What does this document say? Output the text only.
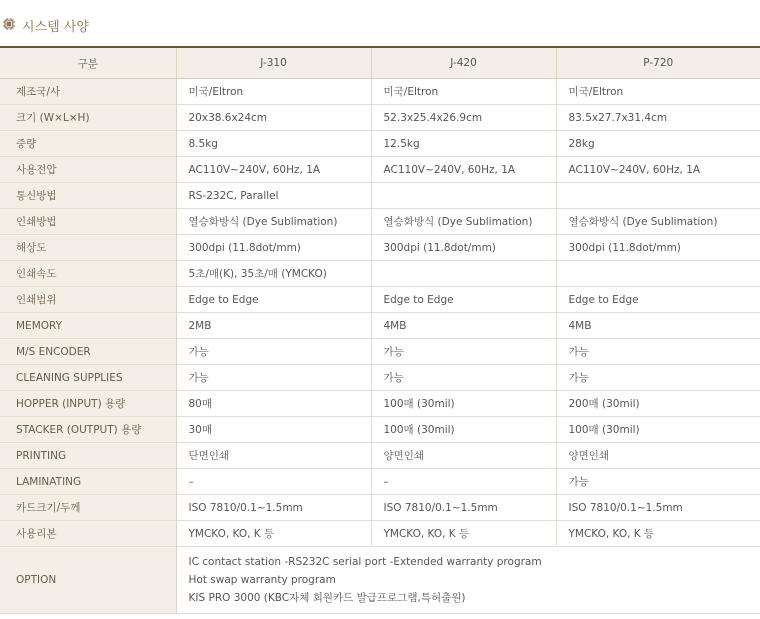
시스템 사양
구분	J-310	J-420	P-720
제조국/사	미국/Eltron	미국/Eltron	미국/Eltron
크기 (W×L×H)	20x38.6x24cm	52.3x25.4x26.9cm	83.5x27.7x31.4cm
중량	8.5kg	12.5kg	28kg
사용전압	AC110V~240V, 60Hz, 1A	AC110V~240V, 60Hz, 1A	AC110V~240V, 60Hz, 1A
통신방법	RS-232C, Parallel		
인쇄방법	열승화방식 (Dye Sublimation)	열승화방식 (Dye Sublimation)	열승화방식 (Dye Sublimation)
해상도	300dpi (11.8dot/mm)	300dpi (11.8dot/mm)	300dpi (11.8dot/mm)
인쇄속도	5초/매(K), 35초/매 (YMCKO)		
인쇄범위	Edge to Edge	Edge to Edge	Edge to Edge
MEMORY	2MB	4MB	4MB
M/S ENCODER	가능	가능	가능
CLEANING SUPPLIES	가능	가능	가능
HOPPER (INPUT) 용량	80매	100매 (30mil)	200매 (30mil)
STACKER (OUTPUT) 용량	30매	100매 (30mil)	100매 (30mil)
PRINTING	단면인쇄	양면인쇄	양면인쇄
LAMINATING	–	–	가능
카드크기/두께	ISO 7810/0.1~1.5mm	ISO 7810/0.1~1.5mm	ISO 7810/0.1~1.5mm
사용리본	YMCKO, KO, K 등	YMCKO, KO, K 등	YMCKO, KO, K 등
OPTION	IC contact station -RS232C serial port -Extended warranty program
Hot swap warranty program
KIS PRO 3000 (KBC자체 회원카드 발급프로그램,특허출원)		
